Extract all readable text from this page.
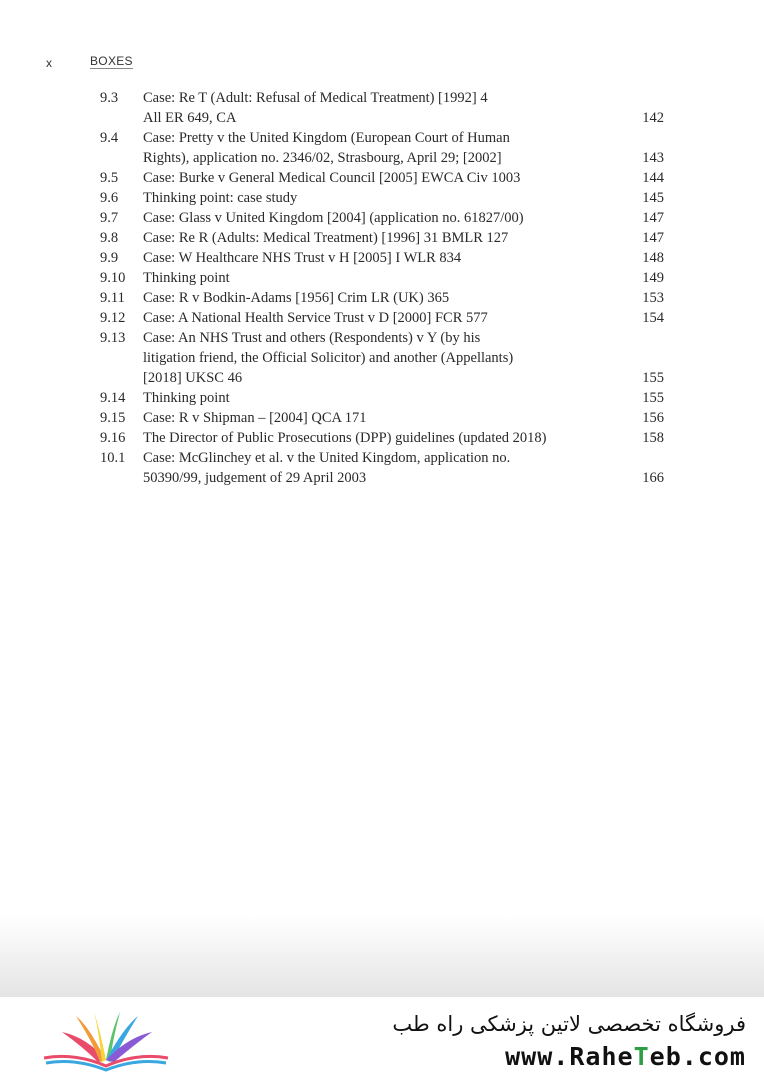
x	BOXES
9.3	Case: Re T (Adult: Refusal of Medical Treatment) [1992] 4
All ER 649, CA	142
9.4	Case: Pretty v the United Kingdom (European Court of Human
Rights), application no. 2346/02, Strasbourg, April 29; [2002]	143
9.5	Case: Burke v General Medical Council [2005] EWCA Civ 1003	144
9.6	Thinking point: case study	145
9.7	Case: Glass v United Kingdom [2004] (application no. 61827/00)	147
9.8	Case: Re R (Adults: Medical Treatment) [1996] 31 BMLR 127	147
9.9	Case: W Healthcare NHS Trust v H [2005] I WLR 834	148
9.10	Thinking point	149
9.11	Case: R v Bodkin-Adams [1956] Crim LR (UK) 365	153
9.12	Case: A National Health Service Trust v D [2000] FCR 577	154
9.13	Case: An NHS Trust and others (Respondents) v Y (by his
litigation friend, the Official Solicitor) and another (Appellants)
[2018] UKSC 46	155
9.14	Thinking point	155
9.15	Case: R v Shipman – [2004] QCA 171	156
9.16	The Director of Public Prosecutions (DPP) guidelines (updated 2018)	158
10.1	Case: McGlinchey et al. v the United Kingdom, application no.
50390/99, judgement of 29 April 2003	166
فروشگاه تخصصی لاتین پزشکی راه طب
www.RaheTeb.com
